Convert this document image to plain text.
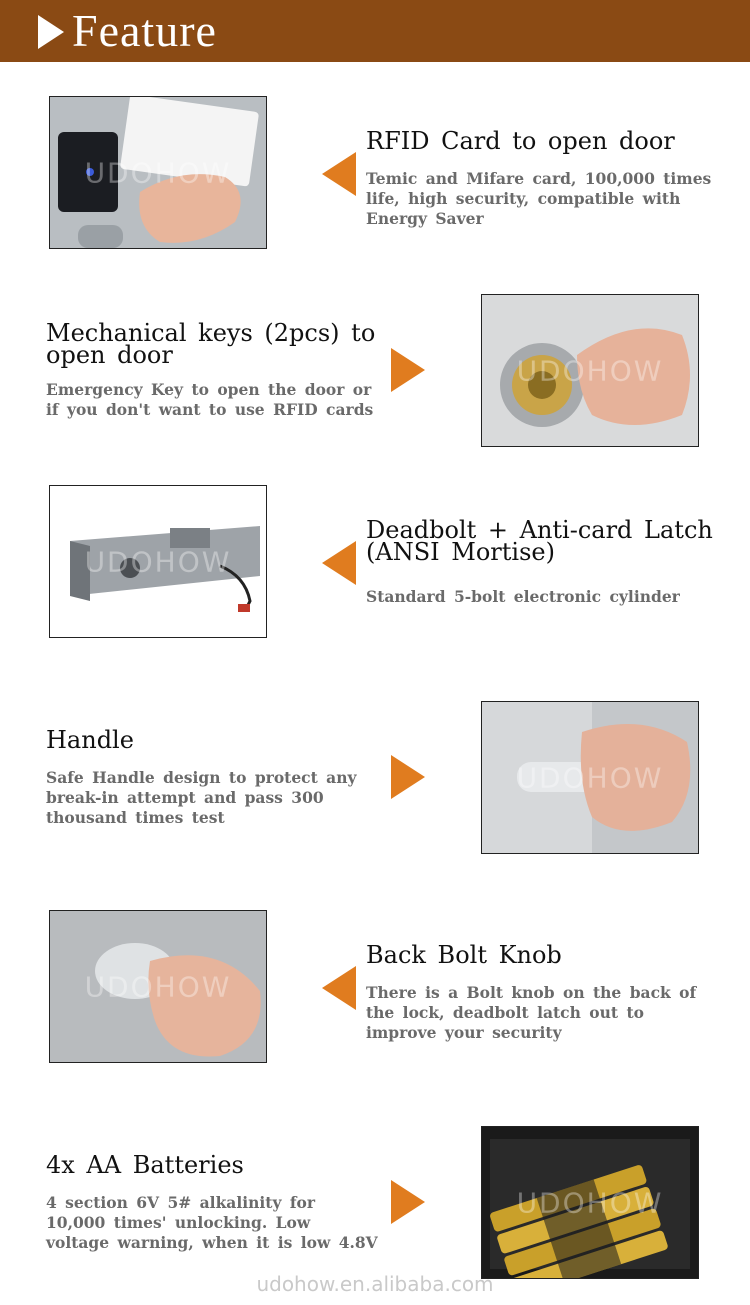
Feature
UDOHOW
RFID Card to open door
Temic and Mifare card, 100,000 times life, high security, compatible with Energy Saver
Mechanical keys (2pcs) to open door
Emergency Key to open the door or if you don't want to use RFID cards
UDOHOW
UDOHOW
Deadbolt + Anti-card Latch (ANSI Mortise)
Standard 5-bolt electronic cylinder
Handle
Safe Handle design to protect any break-in attempt and pass 300 thousand times test
UDOHOW
UDOHOW
Back Bolt Knob
There is a Bolt knob on the back of the lock, deadbolt latch out to improve your security
4x AA Batteries
4 section 6V 5# alkalinity for 10,000 times' unlocking. Low voltage warning, when it is low 4.8V
UDOHOW
udohow.en.alibaba.com
